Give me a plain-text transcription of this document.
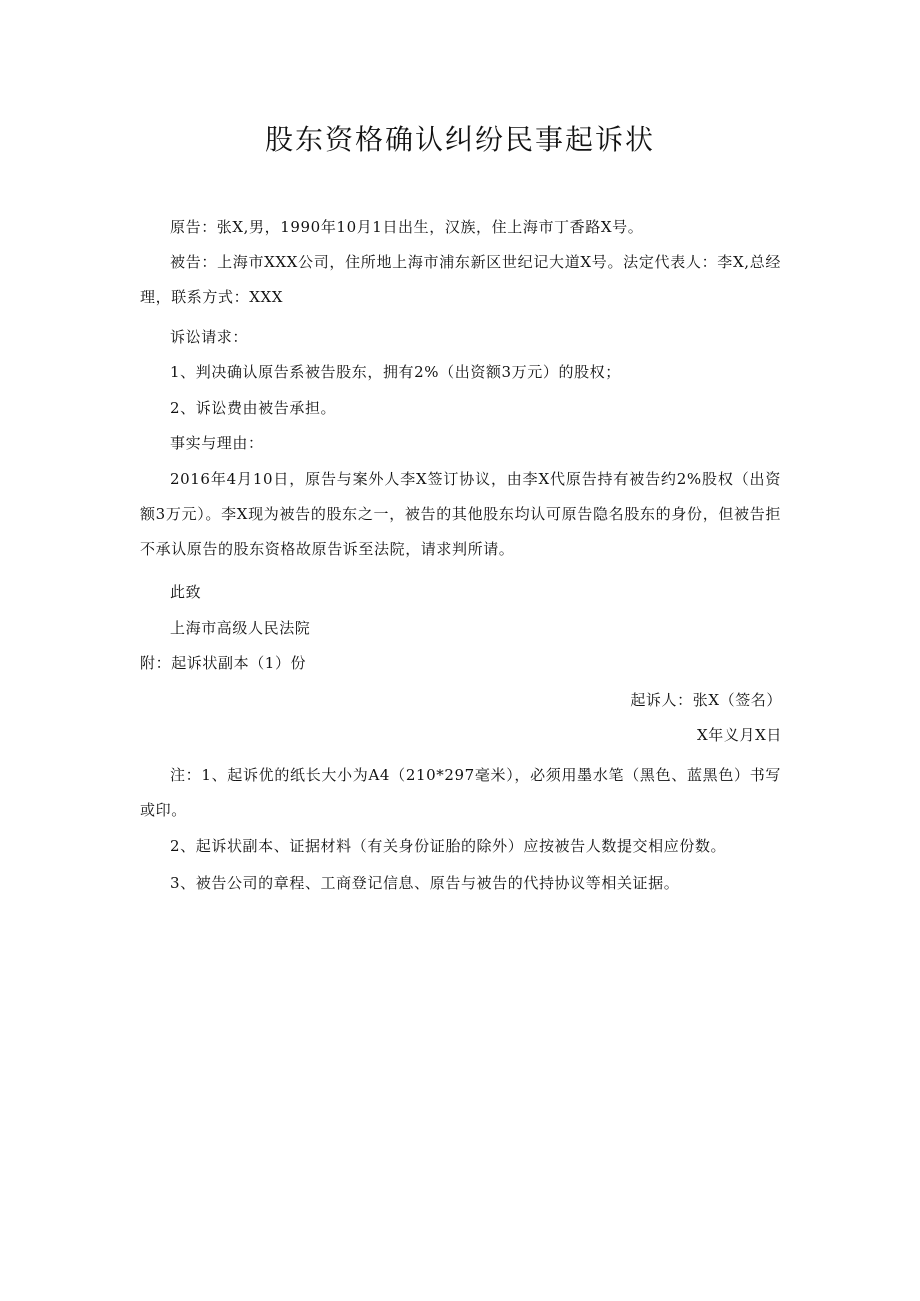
股东资格确认纠纷民事起诉状
原告：张X,男，1990年10月1日出生，汉族，住上海市丁香路X号。
被告：上海市XXX公司，住所地上海市浦东新区世纪记大道X号。法定代表人：李X,总经理，联系方式：XXX
诉讼请求：
1、判决确认原告系被告股东，拥有2%（出资额3万元）的股权；
2、诉讼费由被告承担。
事实与理由：
2016年4月10日，原告与案外人李X签订协议，由李X代原告持有被告约2%股权（出资额3万元）。李X现为被告的股东之一，被告的其他股东均认可原告隐名股东的身份，但被告拒不承认原告的股东资格故原告诉至法院，请求判所请。
此致
上海市高级人民法院
附：起诉状副本（1）份
起诉人：张X（签名）
X年义月X日
注：1、起诉优的纸长大小为A4（210*297毫米），必须用墨水笔（黑色、蓝黑色）书写或印。
2、起诉状副本、证据材料（有关身份证胎的除外）应按被告人数提交相应份数。
3、被告公司的章程、工商登记信息、原告与被告的代持协议等相关证据。
